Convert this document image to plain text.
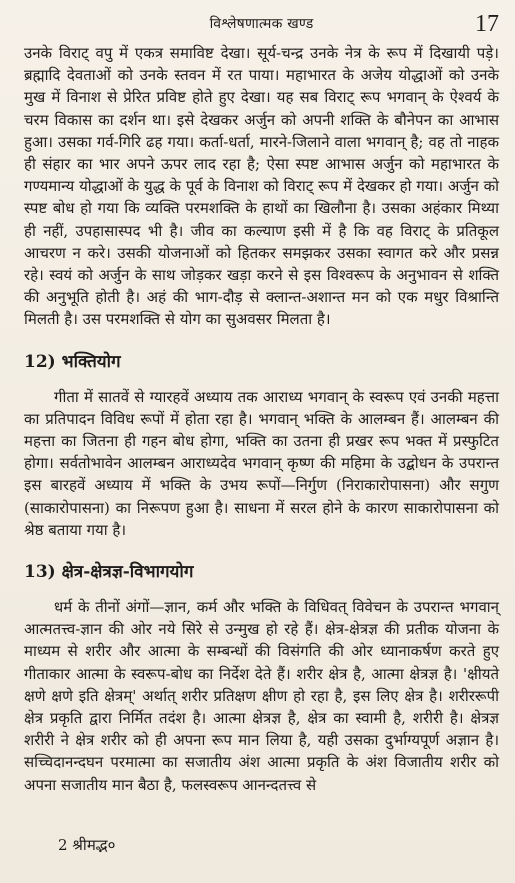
विश्लेषणात्मक खण्ड	17

उनके विराट् वपु में एकत्र समाविष्ट देखा। सूर्य-चन्द्र उनके नेत्र के रूप में दिखायी पड़े। ब्रह्मादि देवताओं को उनके स्तवन में रत पाया। महाभारत के अजेय योद्धाओं को उनके मुख में विनाश से प्रेरित प्रविष्ट होते हुए देखा। यह सब विराट् रूप भगवान् के ऐश्वर्य के चरम विकास का दर्शन था। इसे देखकर अर्जुन को अपनी शक्ति के बौनेपन का आभास हुआ। उसका गर्व-गिरि ढह गया। कर्ता-धर्ता, मारने-जिलाने वाला भगवान् है; वह तो नाहक ही संहार का भार अपने ऊपर लाद रहा है; ऐसा स्पष्ट आभास अर्जुन को महाभारत के गण्यमान्य योद्धाओं के युद्ध के पूर्व के विनाश को विराट् रूप में देखकर हो गया। अर्जुन को स्पष्ट बोध हो गया कि व्यक्ति परमशक्ति के हाथों का खिलौना है। उसका अहंकार मिथ्या ही नहीं, उपहासास्पद भी है। जीव का कल्याण इसी में है कि वह विराट् के प्रतिकूल आचरण न करे। उसकी योजनाओं को हितकर समझकर उसका स्वागत करे और प्रसन्न रहे। स्वयं को अर्जुन के साथ जोड़कर खड़ा करने से इस विश्वरूप के अनुभावन से शक्ति की अनुभूति होती है। अहं की भाग-दौड़ से क्लान्त-अशान्त मन को एक मधुर विश्रान्ति मिलती है। उस परमशक्ति से योग का सुअवसर मिलता है।

12) भक्तियोग

गीता में सातवें से ग्यारहवें अध्याय तक आराध्य भगवान् के स्वरूप एवं उनकी महत्ता का प्रतिपादन विविध रूपों में होता रहा है। भगवान् भक्ति के आलम्बन हैं। आलम्बन की महत्ता का जितना ही गहन बोध होगा, भक्ति का उतना ही प्रखर रूप भक्त में प्रस्फुटित होगा। सर्वतोभावेन आलम्बन आराध्यदेव भगवान् कृष्ण की महिमा के उद्बोधन के उपरान्त इस बारहवें अध्याय में भक्ति के उभय रूपों—निर्गुण (निराकारोपासना) और सगुण (साकारोपासना) का निरूपण हुआ है। साधना में सरल होने के कारण साकारोपासना को श्रेष्ठ बताया गया है।

13) क्षेत्र-क्षेत्रज्ञ-विभागयोग

धर्म के तीनों अंगों—ज्ञान, कर्म और भक्ति के विधिवत् विवेचन के उपरान्त भगवान् आत्मतत्त्व-ज्ञान की ओर नये सिरे से उन्मुख हो रहे हैं। क्षेत्र-क्षेत्रज्ञ की प्रतीक योजना के माध्यम से शरीर और आत्मा के सम्बन्धों की विसंगति की ओर ध्यानाकर्षण करते हुए गीताकार आत्मा के स्वरूप-बोध का निर्देश देते हैं। शरीर क्षेत्र है, आत्मा क्षेत्रज्ञ है। 'क्षीयते क्षणे क्षणे इति क्षेत्रम्' अर्थात् शरीर प्रतिक्षण क्षीण हो रहा है, इस लिए क्षेत्र है। शरीररूपी क्षेत्र प्रकृति द्वारा निर्मित तदंश है। आत्मा क्षेत्रज्ञ है, क्षेत्र का स्वामी है, शरीरी है। क्षेत्रज्ञ शरीरी ने क्षेत्र शरीर को ही अपना रूप मान लिया है, यही उसका दुर्भाग्यपूर्ण अज्ञान है। सच्चिदानन्दघन परमात्मा का सजातीय अंश आत्मा प्रकृति के अंश विजातीय शरीर को अपना सजातीय मान बैठा है, फलस्वरूप आनन्दतत्त्व से

2 श्रीमद्भ०
